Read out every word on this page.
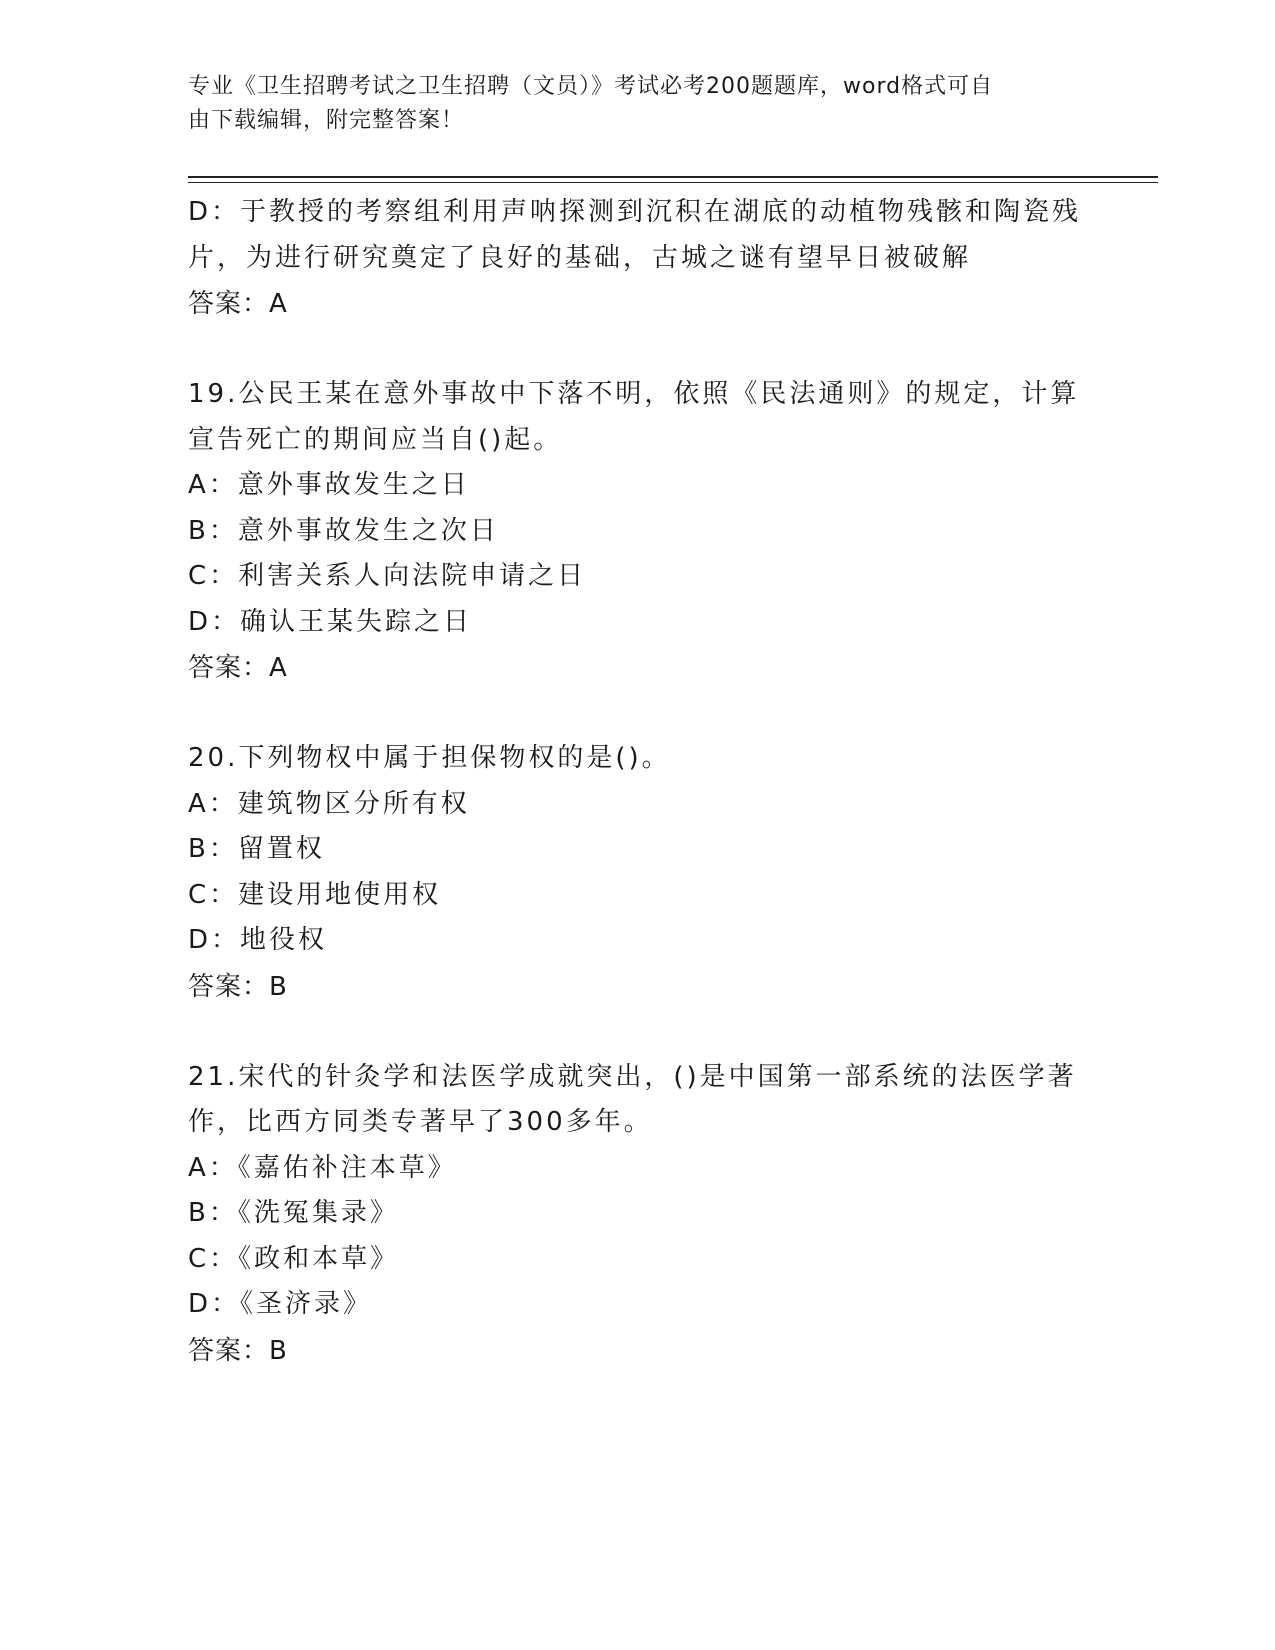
专业《卫生招聘考试之卫生招聘（文员）》考试必考200题题库，word格式可自
由下载编辑，附完整答案！
D：于教授的考察组利用声呐探测到沉积在湖底的动植物残骸和陶瓷残
片，为进行研究奠定了良好的基础，古城之谜有望早日被破解
答案：A
19.公民王某在意外事故中下落不明，依照《民法通则》的规定，计算
宣告死亡的期间应当自()起。
A：意外事故发生之日
B：意外事故发生之次日
C：利害关系人向法院申请之日
D：确认王某失踪之日
答案：A
20.下列物权中属于担保物权的是()。
A：建筑物区分所有权
B：留置权
C：建设用地使用权
D：地役权
答案：B
21.宋代的针灸学和法医学成就突出，()是中国第一部系统的法医学著
作，比西方同类专著早了300多年。
A：《嘉佑补注本草》
B：《洗冤集录》
C：《政和本草》
D：《圣济录》
答案：B
